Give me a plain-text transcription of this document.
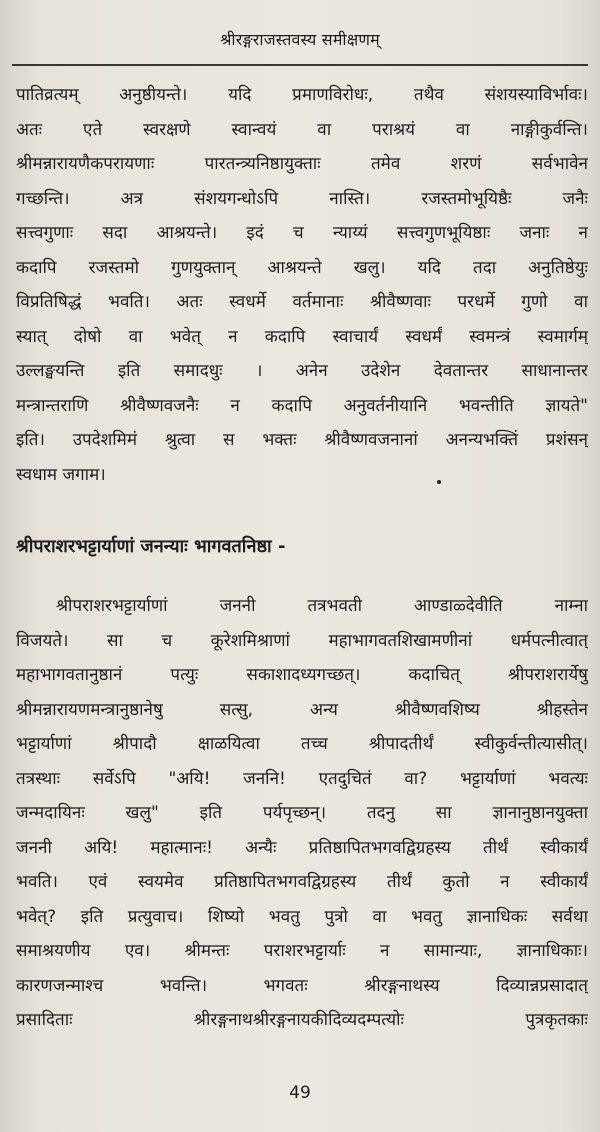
श्रीरङ्गराजस्तवस्य समीक्षणम्
पातिव्रत्यम् अनुष्ठीयन्ते। यदि प्रमाणविरोधः, तथैव संशयस्याविर्भावः।
अतः एते स्वरक्षणे स्वान्वयं वा पराश्रयं वा नाङ्गीकुर्वन्ति।
श्रीमन्नारायणैकपरायणाः पारतन्त्र्यनिष्ठायुक्ताः तमेव शरणं सर्वभावेन
गच्छन्ति। अत्र संशयगन्धोऽपि नास्ति। रजस्तमोभूयिष्ठैः जनैः
सत्त्वगुणाः सदा आश्रयन्ते। इदं च न्याय्यं सत्त्वगुणभूयिष्ठाः जनाः न
कदापि रजस्तमो गुणयुक्तान् आश्रयन्ते खलु। यदि तदा अनुतिष्ठेयुः
विप्रतिषिद्धं भवति। अतः स्वधर्मे वर्तमानाः श्रीवैष्णवाः परधर्मे गुणो वा
स्यात् दोषो वा भवेत् न कदापि स्वाचार्यं स्वधर्मं स्वमन्त्रं स्वमार्गम्
उल्लङ्घयन्ति इति समादधुः । अनेन उदेशेन देवतान्तर साधानान्तर
मन्त्रान्तराणि श्रीवैष्णवजनैः न कदापि अनुवर्तनीयानि भवन्तीति ज्ञायते"
इति। उपदेशमिमं श्रुत्वा स भक्तः श्रीवैष्णवजनानां अनन्यभक्तिं प्रशंसन्
स्वधाम जगाम।
श्रीपराशरभट्टार्याणां जनन्याः भागवतनिष्ठा -
श्रीपराशरभट्टार्याणां जननी तत्रभवती आण्डाळ्देवीति नाम्ना
विजयते। सा च कूरेशमिश्राणां महाभागवतशिखामणीनां धर्मपत्नीत्वात्
महाभागवतानुष्ठानं पत्युः सकाशादध्यगच्छत्। कदाचित् श्रीपराशरार्येषु
श्रीमन्नारायणमन्त्रानुष्ठानेषु सत्सु, अन्य श्रीवैष्णवशिष्य श्रीहस्तेन
भट्टार्याणां श्रीपादौ क्षाळयित्वा तच्च श्रीपादतीर्थं स्वीकुर्वन्तीत्यासीत्।
तत्रस्थाः सर्वेऽपि "अयि! जननि! एतदुचितं वा? भट्टार्याणां भवत्यः
जन्मदायिनः खलु" इति पर्यपृच्छन्। तदनु सा ज्ञानानुष्ठानयुक्ता
जननी अयि! महात्मानः! अन्यैः प्रतिष्ठापितभगवद्विग्रहस्य तीर्थं स्वीकार्यं
भवति। एवं स्वयमेव प्रतिष्ठापितभगवद्विग्रहस्य तीर्थं कुतो न स्वीकार्यं
भवेत्? इति प्रत्युवाच। शिष्यो भवतु पुत्रो वा भवतु ज्ञानाधिकः सर्वथा
समाश्रयणीय एव। श्रीमन्तः पराशरभट्टार्याः न सामान्याः, ज्ञानाधिकाः।
कारणजन्माश्च भवन्ति। भगवतः श्रीरङ्गनाथस्य दिव्यान्नप्रसादात्
प्रसादिताः श्रीरङ्गनाथश्रीरङ्गनायकीदिव्यदम्पत्योः पुत्रकृतकाः
49
